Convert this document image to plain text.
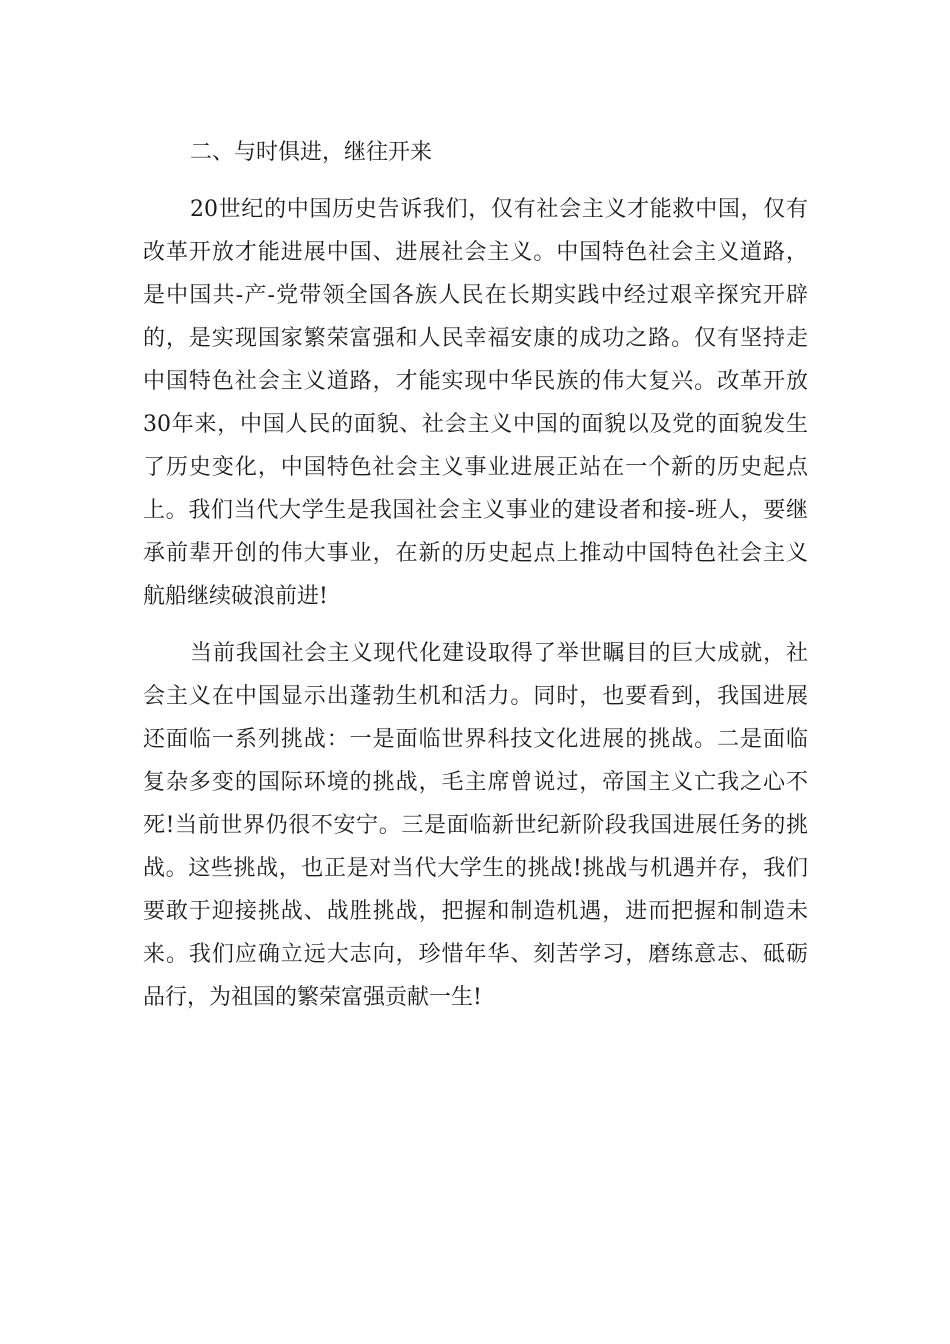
二、与时俱进，继往开来
20世纪的中国历史告诉我们，仅有社会主义才能救中国，仅有
改革开放才能进展中国、进展社会主义。中国特色社会主义道路，
是中国共-产-党带领全国各族人民在长期实践中经过艰辛探究开辟
的，是实现国家繁荣富强和人民幸福安康的成功之路。仅有坚持走
中国特色社会主义道路，才能实现中华民族的伟大复兴。改革开放
30年来，中国人民的面貌、社会主义中国的面貌以及党的面貌发生
了历史变化，中国特色社会主义事业进展正站在一个新的历史起点
上。我们当代大学生是我国社会主义事业的建设者和接-班人，要继
承前辈开创的伟大事业，在新的历史起点上推动中国特色社会主义
航船继续破浪前进!
当前我国社会主义现代化建设取得了举世瞩目的巨大成就，社
会主义在中国显示出蓬勃生机和活力。同时，也要看到，我国进展
还面临一系列挑战：一是面临世界科技文化进展的挑战。二是面临
复杂多变的国际环境的挑战，毛主席曾说过，帝国主义亡我之心不
死!当前世界仍很不安宁。三是面临新世纪新阶段我国进展任务的挑
战。这些挑战，也正是对当代大学生的挑战!挑战与机遇并存，我们
要敢于迎接挑战、战胜挑战，把握和制造机遇，进而把握和制造未
来。我们应确立远大志向，珍惜年华、刻苦学习，磨练意志、砥砺
品行，为祖国的繁荣富强贡献一生!
